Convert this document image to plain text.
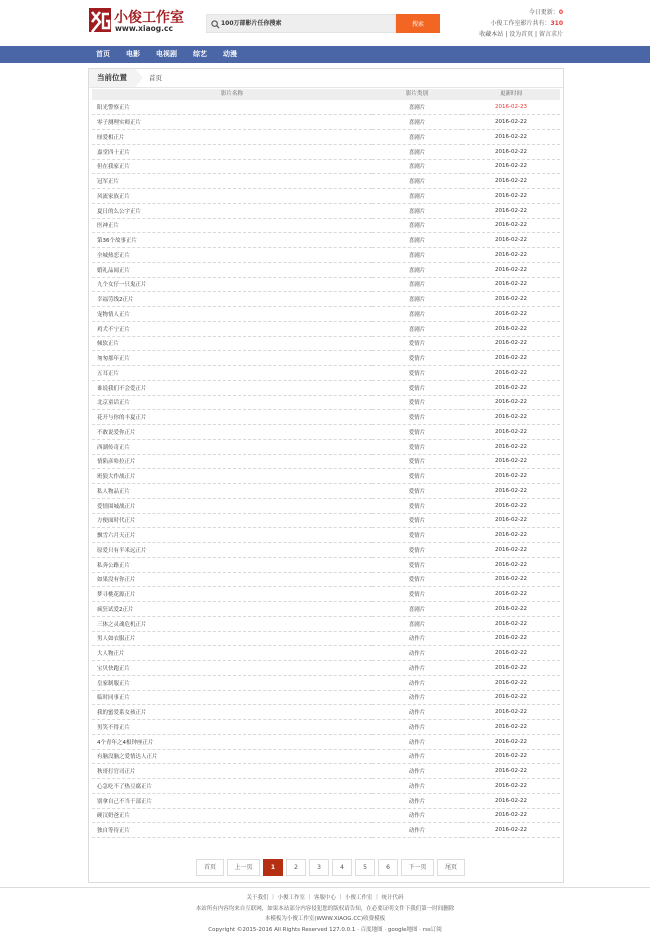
小俊工作室
www.xiaog.cc
100万部影片任你搜索	搜索
今日更新：0
小俊工作室影片共有：310
收藏本站 | 设为首页 | 留言求片
首页 电影 电视剧 综艺 动漫
当前位置	首页
影片名称	影片类别	更新时间
阳光警察正片	喜剧片	2016-02-23
零子测理实师正片	喜剧片	2016-02-22
厘爱相正片	喜剧片	2016-02-22
嘉堂四十正片	喜剧片	2016-02-22
但在我家正片	喜剧片	2016-02-22
冠军正片	喜剧片	2016-02-22
风流家族正片	喜剧片	2016-02-22
夏日的么公宇正片	喜剧片	2016-02-22
医神正片	喜剧片	2016-02-22
第36个故事正片	喜剧片	2016-02-22
全城热恋正片	喜剧片	2016-02-22
婚礼品闻正片	喜剧片	2016-02-22
九个女仔一只鬼正片	喜剧片	2016-02-22
幸福劳线2正片	喜剧片	2016-02-22
宠物情人正片	喜剧片	2016-02-22
鸡犬不宁正片	喜剧片	2016-02-22
倾软正片	爱情片	2016-02-22
匆匆那年正片	爱情片	2016-02-22
五耳正片	爱情片	2016-02-22
谁说我们不会爱正片	爱情片	2016-02-22
北京童话正片	爱情片	2016-02-22
花开与你的丰夏正片	爱情片	2016-02-22
不敢说爱你正片	爱情片	2016-02-22
西湖传奇正片	爱情片	2016-02-22
情陷彦哈拉正片	爱情片	2016-02-22
班狼大作战正片	爱情片	2016-02-22
私人物品正片	爱情片	2016-02-22
爱情围城战正片	爱情片	2016-02-22
方便面时代正片	爱情片	2016-02-22
飘雪六月天正片	爱情片	2016-02-22
原爱只有半米远正片	爱情片	2016-02-22
私奔公路正片	爱情片	2016-02-22
如果没有你正片	爱情片	2016-02-22
梦寻桃花源正片	爱情片	2016-02-22
疯狂试爱2正片	喜剧片	2016-02-22
三体之灵魂危机正片	喜剧片	2016-02-22
男人如衣服正片	动作片	2016-02-22
大人物正片	动作片	2016-02-22
宝贝快跑正片	动作片	2016-02-22
皇家制服正片	动作片	2016-02-22
临时同事正片	动作片	2016-02-22
我的蜜爱系女孩正片	动作片	2016-02-22
男笑不得正片	动作片	2016-02-22
4个青年之4根钟座正片	动作片	2016-02-22
有脑没脑之爱情达人正片	动作片	2016-02-22
秋哥打官司正片	动作片	2016-02-22
心急吃不了热豆腐正片	动作片	2016-02-22
别拿自己不当干部正片	动作片	2016-02-22
硬汉奶爸正片	动作片	2016-02-22
独自等待正片	动作片	2016-02-22
首页	上一页	1	2	3	4	5	6	下一页	尾页
关于我们 ｜ 小俊工作室 ｜ 客服中心 ｜ 小俊工作室 ｜ 统计代码
本站所有内容均来自互联网，如果本站部分内容侵犯您的版权请告知，在必要证明文件下我们第一时间删除
本模板为小俊工作室(WWW.XIAOG.CC)收费模板
Copyright ©2015-2016 All Rights Reserved 127.0.0.1 · 百度地图 · google地图 · rss订阅
